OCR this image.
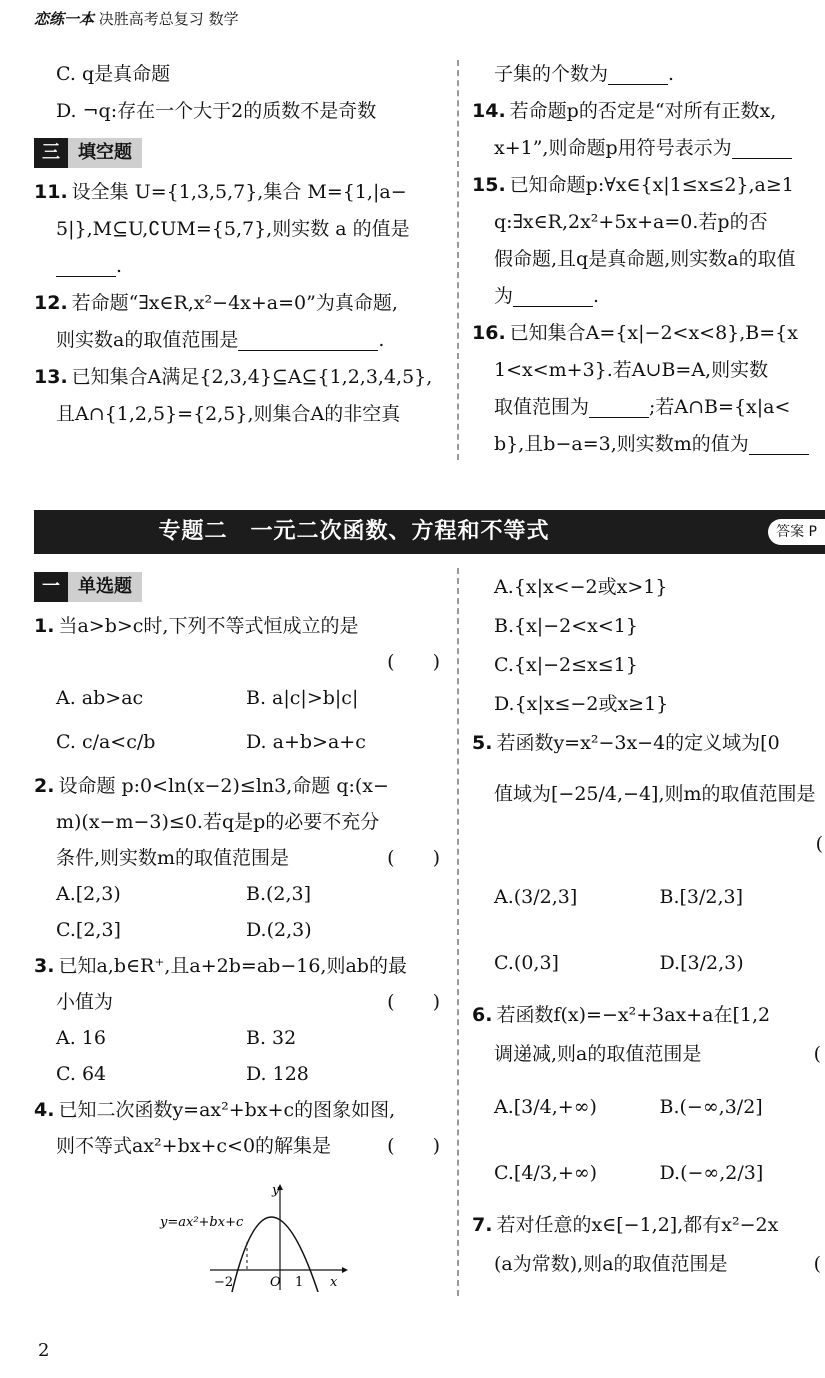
恋练一本 决胜高考总复习 数学

C. q是真命题

D. ¬q:存在一个大于2的质数不是奇数

三	填空题

11. 设全集 U={1,3,5,7},集合 M={1,|a−

5|},M⊆U,∁UM={5,7},则实数 a 的值是

.

12. 若命题“∃x∈R,x²−4x+a=0”为真命题,

则实数a的取值范围是	.

13. 已知集合A满足{2,3,4}⊆A⊆{1,2,3,4,5},

且A∩{1,2,5}={2,5},则集合A的非空真

子集的个数为	.

14. 若命题p的否定是“对所有正数x,

x+1”,则命题p用符号表示为

15. 已知命题p:∀x∈{x|1≤x≤2},a≥1

q:∃x∈R,2x²+5x+a=0.若p的否

假命题,且q是真命题,则实数a的取值

为	.

16. 已知集合A={x|−2<x<8},B={x

1<x<m+3}.若A∪B=A,则实数

取值范围为	;若A∩B={x|a<

b},且b−a=3,则实数m的值为

专题二　一元二次函数、方程和不等式	答案 P
一	单选题

1. 当a>b>c时,下列不等式恒成立的是

(　　)

A. ab>ac	B. a|c|>b|c|
C. c/a<c/b	D. a+b>a+c

2. 设命题 p:0<ln(x−2)≤ln3,命题 q:(x−

m)(x−m−3)≤0.若q是p的必要不充分

条件,则实数m的取值范围是	(　　)

A.[2,3)	B.(2,3]
C.[2,3]	D.(2,3)

3. 已知a,b∈R⁺,且a+2b=ab−16,则ab的最

小值为	(　　)

A. 16	B. 32
C. 64	D. 128

4. 已知二次函数y=ax²+bx+c的图象如图,

则不等式ax²+bx+c<0的解集是	(　　)

y
x
O
−2	1
y=ax²+bx+c

A.{x|x<−2或x>1}

B.{x|−2<x<1}

C.{x|−2≤x≤1}

D.{x|x≤−2或x≥1}

5. 若函数y=x²−3x−4的定义域为[0

值域为[−25/4,−4],则m的取值范围是

(

A.(3/2,3]	B.[3/2,3]
C.(0,3]	D.[3/2,3)

6. 若函数f(x)=−x²+3ax+a在[1,2

调递减,则a的取值范围是	(

A.[3/4,+∞)	B.(−∞,3/2]
C.[4/3,+∞)	D.(−∞,2/3]

7. 若对任意的x∈[−1,2],都有x²−2x

(a为常数),则a的取值范围是	(

2
